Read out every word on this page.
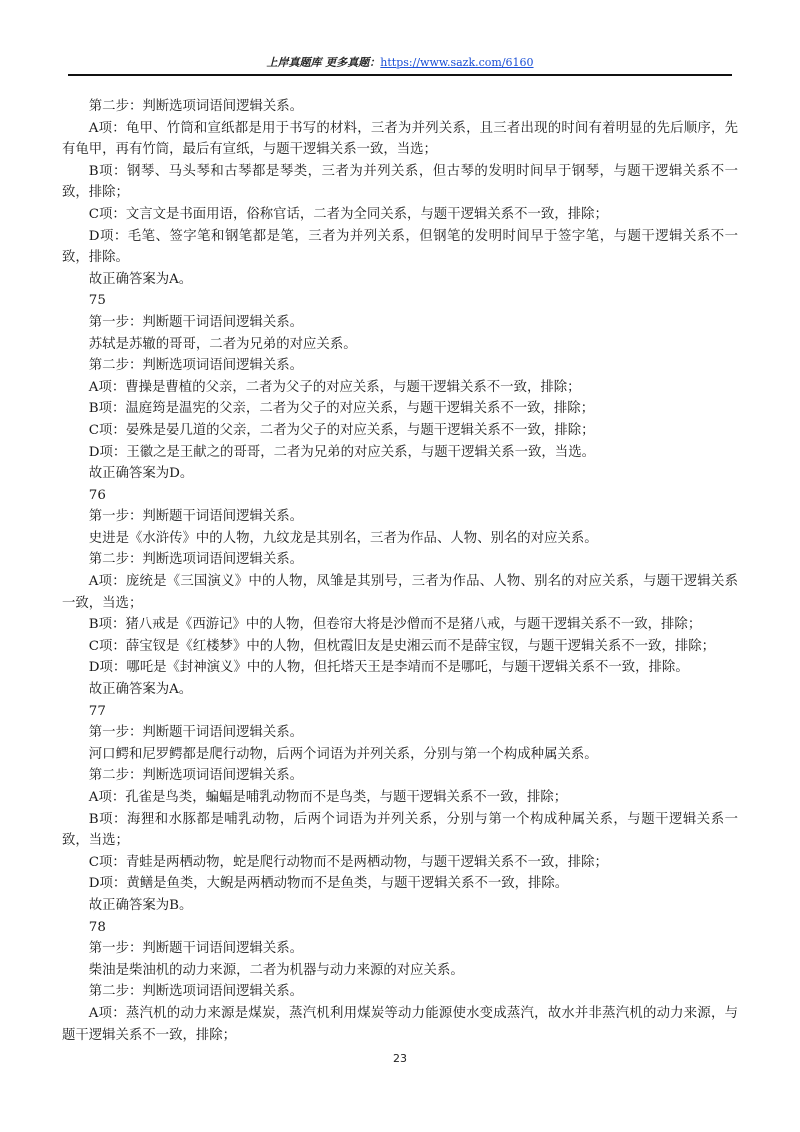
上岸真题库 更多真题：https://www.sazk.com/6160

第二步：判断选项词语间逻辑关系。

A项：龟甲、竹筒和宣纸都是用于书写的材料，三者为并列关系，且三者出现的时间有着明显的先后顺序，先有龟甲，再有竹筒，最后有宣纸，与题干逻辑关系一致，当选；

B项：钢琴、马头琴和古琴都是琴类，三者为并列关系，但古琴的发明时间早于钢琴，与题干逻辑关系不一致，排除；

C项：文言文是书面用语，俗称官话，二者为全同关系，与题干逻辑关系不一致，排除；

D项：毛笔、签字笔和钢笔都是笔，三者为并列关系，但钢笔的发明时间早于签字笔，与题干逻辑关系不一致，排除。

故正确答案为A。

75

第一步：判断题干词语间逻辑关系。

苏轼是苏辙的哥哥，二者为兄弟的对应关系。

第二步：判断选项词语间逻辑关系。

A项：曹操是曹植的父亲，二者为父子的对应关系，与题干逻辑关系不一致，排除；

B项：温庭筠是温宪的父亲，二者为父子的对应关系，与题干逻辑关系不一致，排除；

C项：晏殊是晏几道的父亲，二者为父子的对应关系，与题干逻辑关系不一致，排除；

D项：王徽之是王献之的哥哥，二者为兄弟的对应关系，与题干逻辑关系一致，当选。

故正确答案为D。

76

第一步：判断题干词语间逻辑关系。

史进是《水浒传》中的人物，九纹龙是其别名，三者为作品、人物、别名的对应关系。

第二步：判断选项词语间逻辑关系。

A项：庞统是《三国演义》中的人物，凤雏是其别号，三者为作品、人物、别名的对应关系，与题干逻辑关系一致，当选；

B项：猪八戒是《西游记》中的人物，但卷帘大将是沙僧而不是猪八戒，与题干逻辑关系不一致，排除；

C项：薛宝钗是《红楼梦》中的人物，但枕霞旧友是史湘云而不是薛宝钗，与题干逻辑关系不一致，排除；

D项：哪吒是《封神演义》中的人物，但托塔天王是李靖而不是哪吒，与题干逻辑关系不一致，排除。

故正确答案为A。

77

第一步：判断题干词语间逻辑关系。

河口鳄和尼罗鳄都是爬行动物，后两个词语为并列关系，分别与第一个构成种属关系。

第二步：判断选项词语间逻辑关系。

A项：孔雀是鸟类，蝙蝠是哺乳动物而不是鸟类，与题干逻辑关系不一致，排除；

B项：海狸和水豚都是哺乳动物，后两个词语为并列关系，分别与第一个构成种属关系，与题干逻辑关系一致，当选；

C项：青蛙是两栖动物，蛇是爬行动物而不是两栖动物，与题干逻辑关系不一致，排除；

D项：黄鳝是鱼类，大鲵是两栖动物而不是鱼类，与题干逻辑关系不一致，排除。

故正确答案为B。

78

第一步：判断题干词语间逻辑关系。

柴油是柴油机的动力来源，二者为机器与动力来源的对应关系。

第二步：判断选项词语间逻辑关系。

A项：蒸汽机的动力来源是煤炭，蒸汽机利用煤炭等动力能源使水变成蒸汽，故水并非蒸汽机的动力来源，与题干逻辑关系不一致，排除；

23
